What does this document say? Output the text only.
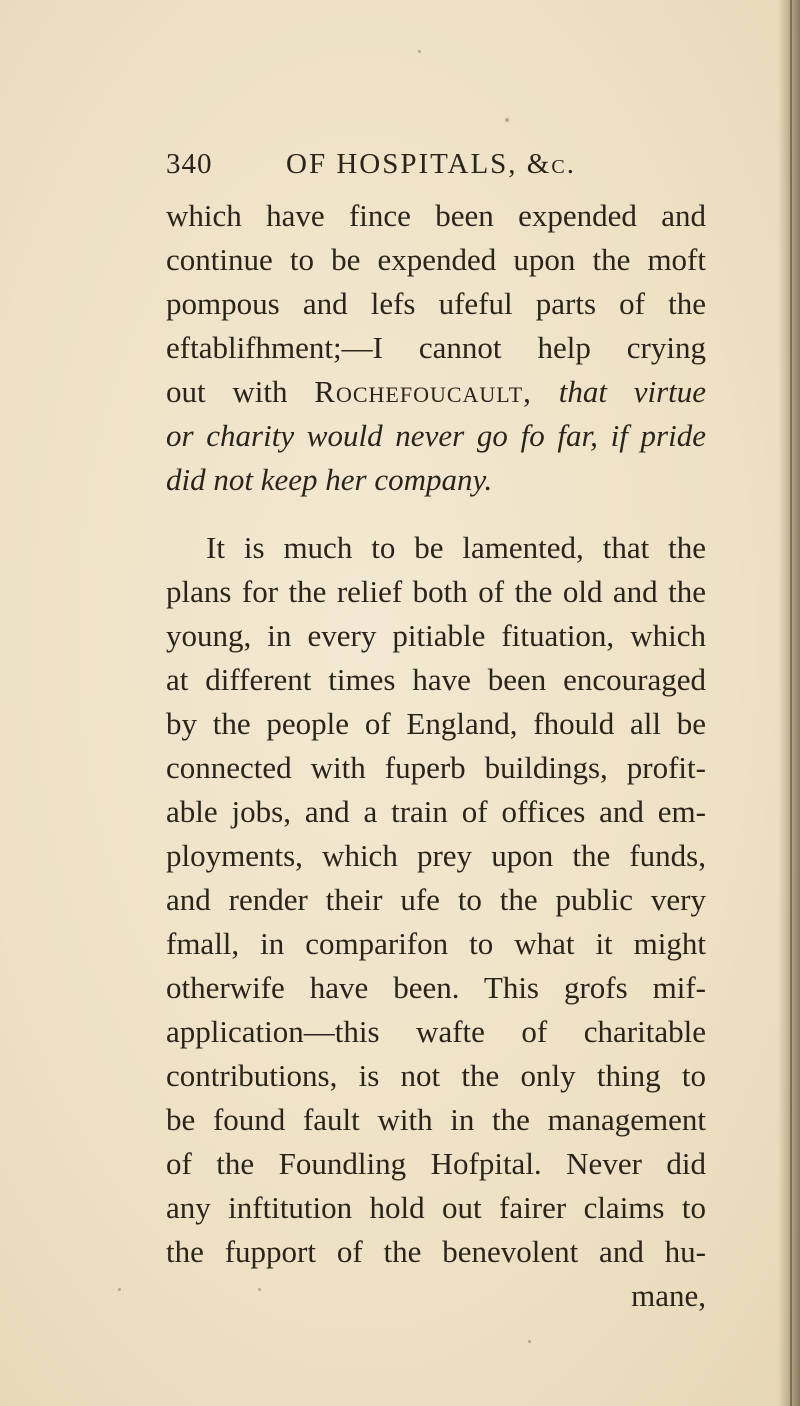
340	OF HOSPITALS, &c.
which have fince been expended and
continue to be expended upon the moft
pompous and lefs ufeful parts of the
eftablifhment;—I cannot help crying
out with Rochefoucault, that virtue
or charity would never go fo far, if pride
did not keep her company.
It is much to be lamented, that the
plans for the relief both of the old and the
young, in every pitiable fituation, which
at different times have been encouraged
by the people of England, fhould all be
connected with fuperb buildings, profit-
able jobs, and a train of offices and em-
ployments, which prey upon the funds,
and render their ufe to the public very
fmall, in comparifon to what it might
otherwife have been. This grofs mif-
application—this wafte of charitable
contributions, is not the only thing to
be found fault with in the management
of the Foundling Hofpital. Never did
any inftitution hold out fairer claims to
the fupport of the benevolent and hu-
mane,
